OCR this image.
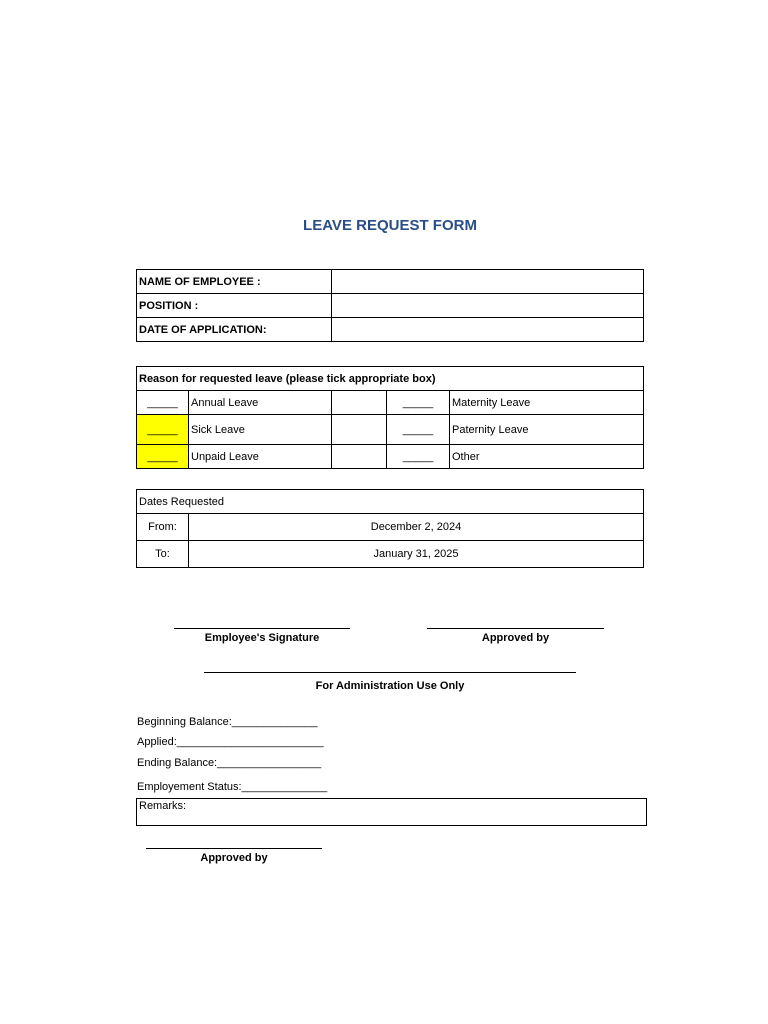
LEAVE REQUEST FORM
NAME OF EMPLOYEE :	
POSITION :	
DATE OF APPLICATION:	
Reason for requested leave (please tick appropriate box)				
_____	Annual Leave		_____	Maternity Leave
_____	Sick Leave		_____	Paternity Leave
_____	Unpaid Leave		_____	Other
Dates Requested	
From:	December 2, 2024
To:	January 31, 2025
Employee's Signature	Approved by
For Administration Use Only
Beginning Balance:______________
Applied:________________________
Ending Balance:_________________
Employement Status:______________
Remarks:
Approved by
